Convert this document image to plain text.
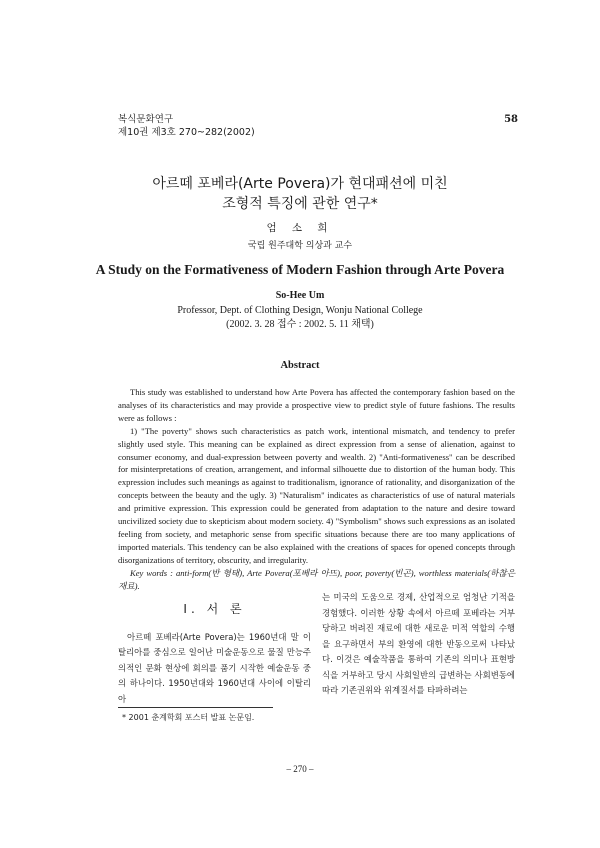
복식문화연구
제10권 제3호 270~282(2002)
58
아르떼 포베라(Arte Povera)가 현대패션에 미친
조형적 특징에 관한 연구*
엄 소 희
국립 원주대학 의상과 교수
A Study on the Formativeness of Modern Fashion through Arte Povera
So-Hee Um
Professor, Dept. of Clothing Design, Wonju National College
(2002. 3. 28 접수 : 2002. 5. 11 채택)
Abstract

This study was established to understand how Arte Povera has affected the contemporary fashion based on the analyses of its characteristics and may provide a prospective view to predict style of future fashions. The results were as follows :

1) "The poverty" shows such characteristics as patch work, intentional mismatch, and tendency to prefer slightly used style. This meaning can be explained as direct expression from a sense of alienation, against to consumer economy, and dual-expression between poverty and wealth. 2) "Anti-formativeness" can be described for misinterpretations of creation, arrangement, and informal silhouette due to distortion of the human body. This expression includes such meanings as against to traditionalism, ignorance of rationality, and disorganization of the concepts between the beauty and the ugly. 3) "Naturalism" indicates as characteristics of use of natural materials and primitive expression. This expression could be generated from adaptation to the nature and desire toward uncivilized society due to skepticism about modern society. 4) "Symbolism" shows such expressions as an isolated feeling from society, and metaphoric sense from specific situations because there are too many applications of imported materials. This tendency can be also explained with the creations of spaces for opened concepts through disorganizations of territory, obscurity, and irregularity.

Key words : anti-form(반 형태), Arte Povera(포베라 아뜨), poor, poverty(빈곤), worthless materials(하찮은 재료).

Ⅰ. 서 론

아르떼 포베라(Arte Povera)는 1960년대 말 이탈리아를 중심으로 일어난 미술운동으로 물질 만능주의적인 문화 현상에 회의를 품기 시작한 예술운동 중의 하나이다. 1950년대와 1960년대 사이에 이탈리아

는 미국의 도움으로 경제, 산업적으로 엄청난 기적을 경험했다. 이러한 상황 속에서 아르떼 포베라는 거부 당하고 버려진 재료에 대한 새로운 미적 역할의 수행을 요구하면서 부의 환영에 대한 반동으로써 나타났다. 이것은 예술작품을 통하여 기존의 의미나 표현방식을 거부하고 당시 사회일반의 급변하는 사회변동에 따라 기존권위와 위계질서를 타파하려는

* 2001 춘계학회 포스터 발표 논문임.
– 270 –
